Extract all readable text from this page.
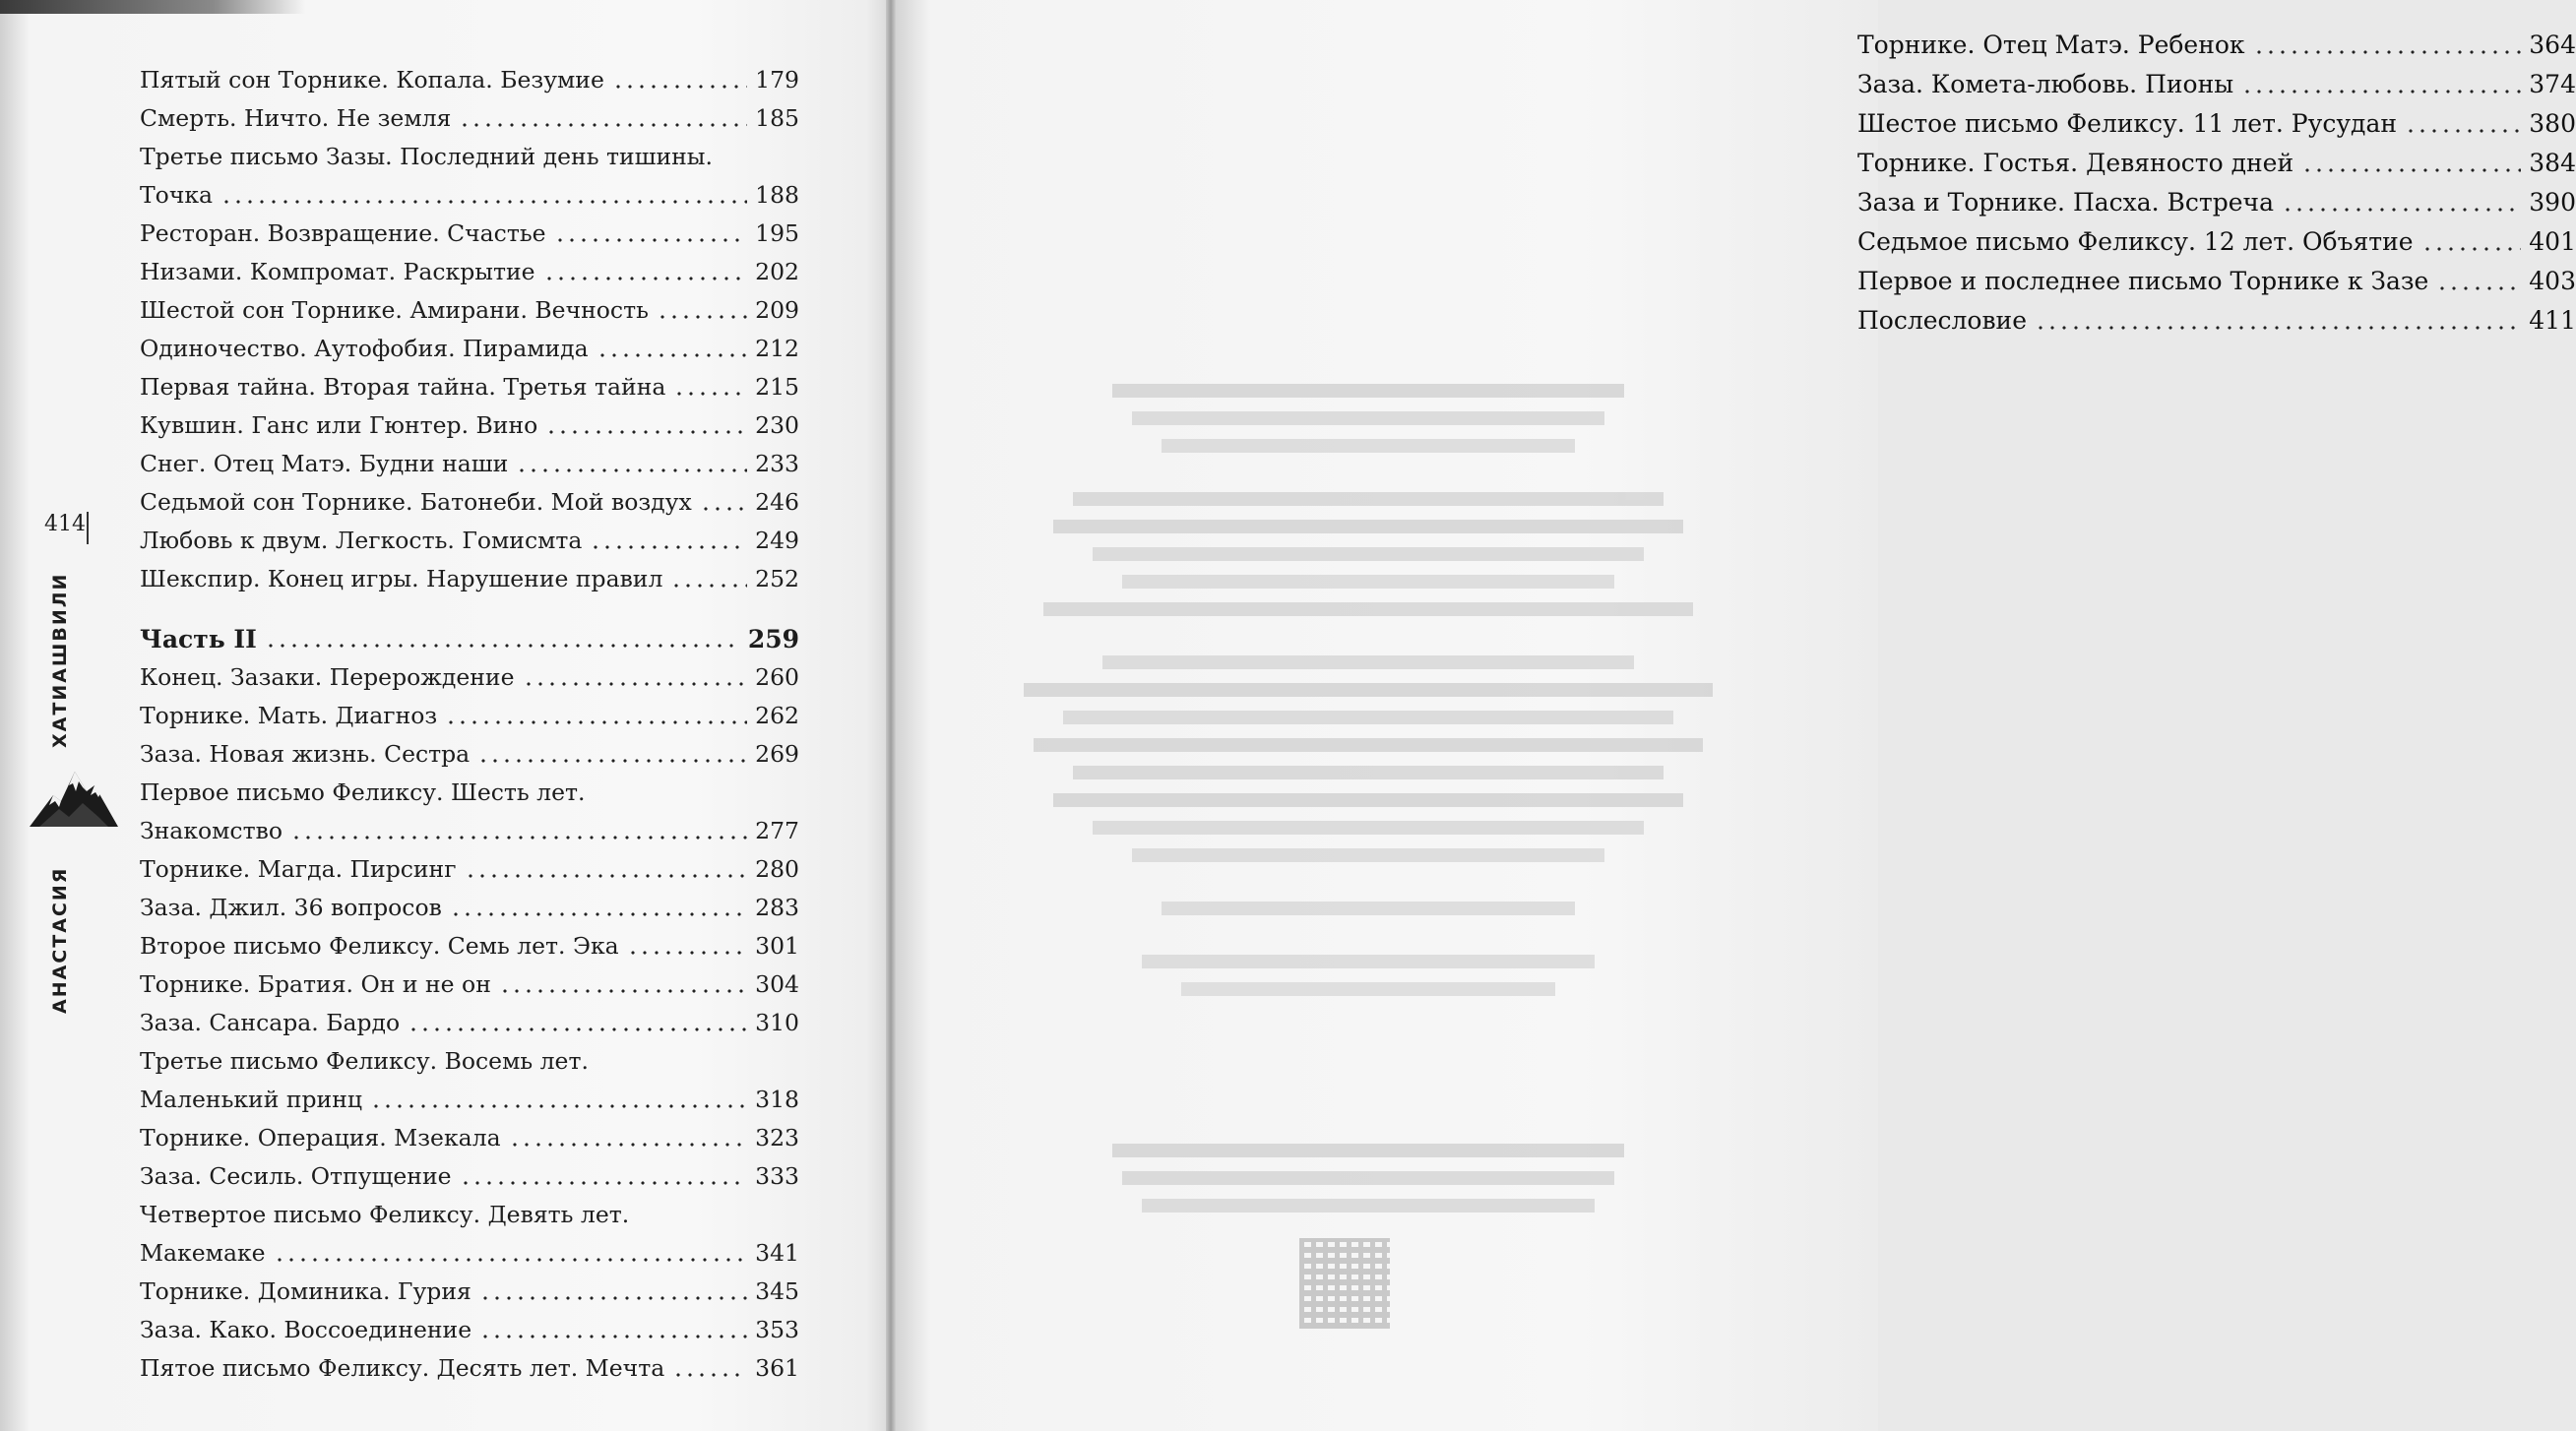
414
ХАТИАШВИЛИ
АНАСТАСИЯ
Пятый сон Торнике. Копала. Безумие	179
Смерть. Ничто. Не земля	185
Третье письмо Зазы. Последний день тишины.
Точка	188
Ресторан. Возвращение. Счастье	195
Низами. Компромат. Раскрытие	202
Шестой сон Торнике. Амирани. Вечность	209
Одиночество. Аутофобия. Пирамида	212
Первая тайна. Вторая тайна. Третья тайна	215
Кувшин. Ганс или Гюнтер. Вино	230
Снег. Отец Матэ. Будни наши	233
Седьмой сон Торнике. Батонеби. Мой воздух	246
Любовь к двум. Легкость. Гомисмта	249
Шекспир. Конец игры. Нарушение правил	252
Часть II	259
Конец. Зазаки. Перерождение	260
Торнике. Мать. Диагноз	262
Заза. Новая жизнь. Сестра	269
Первое письмо Феликсу. Шесть лет.
Знакомство	277
Торнике. Магда. Пирсинг	280
Заза. Джил. 36 вопросов	283
Второе письмо Феликсу. Семь лет. Эка	301
Торнике. Братия. Он и не он	304
Заза. Сансара. Бардо	310
Третье письмо Феликсу. Восемь лет.
Маленький принц	318
Торнике. Операция. Мзекала	323
Заза. Сесиль. Отпущение	333
Четвертое письмо Феликсу. Девять лет.
Макемаке	341
Торнике. Доминика. Гурия	345
Заза. Како. Воссоединение	353
Пятое письмо Феликсу. Десять лет. Мечта	361
Торнике. Отец Матэ. Ребенок	364
Заза. Комета-любовь. Пионы	374
Шестое письмо Феликсу. 11 лет. Русудан	380
Торнике. Гостья. Девяносто дней	384
Заза и Торнике. Пасха. Встреча	390
Седьмое письмо Феликсу. 12 лет. Объятие	401
Первое и последнее письмо Торнике к Зазе	403
Послесловие	411
